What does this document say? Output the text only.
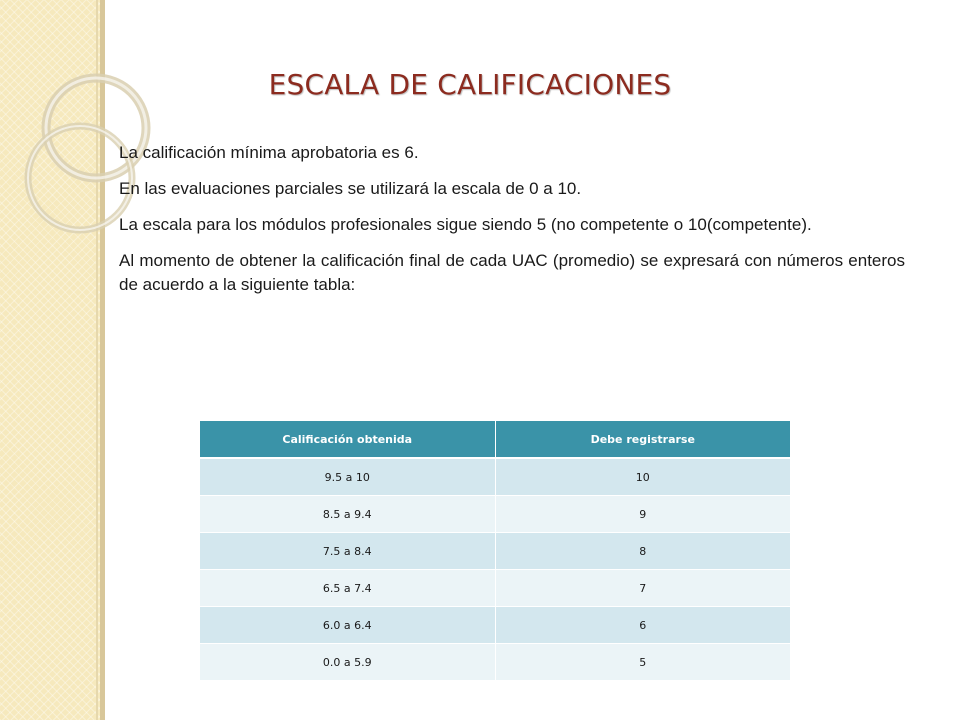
ESCALA DE CALIFICACIONES

La calificación mínima aprobatoria es 6.

En las evaluaciones parciales se utilizará la escala de 0 a 10.

La escala para los módulos profesionales sigue siendo 5 (no competente o 10(competente).

Al momento de obtener la calificación final de cada UAC (promedio) se expresará con números enteros de acuerdo a la siguiente tabla:

Calificación obtenida	Debe registrarse
9.5 a 10	10
8.5 a 9.4	9
7.5 a 8.4	8
6.5 a 7.4	7
6.0 a 6.4	6
0.0 a 5.9	5
